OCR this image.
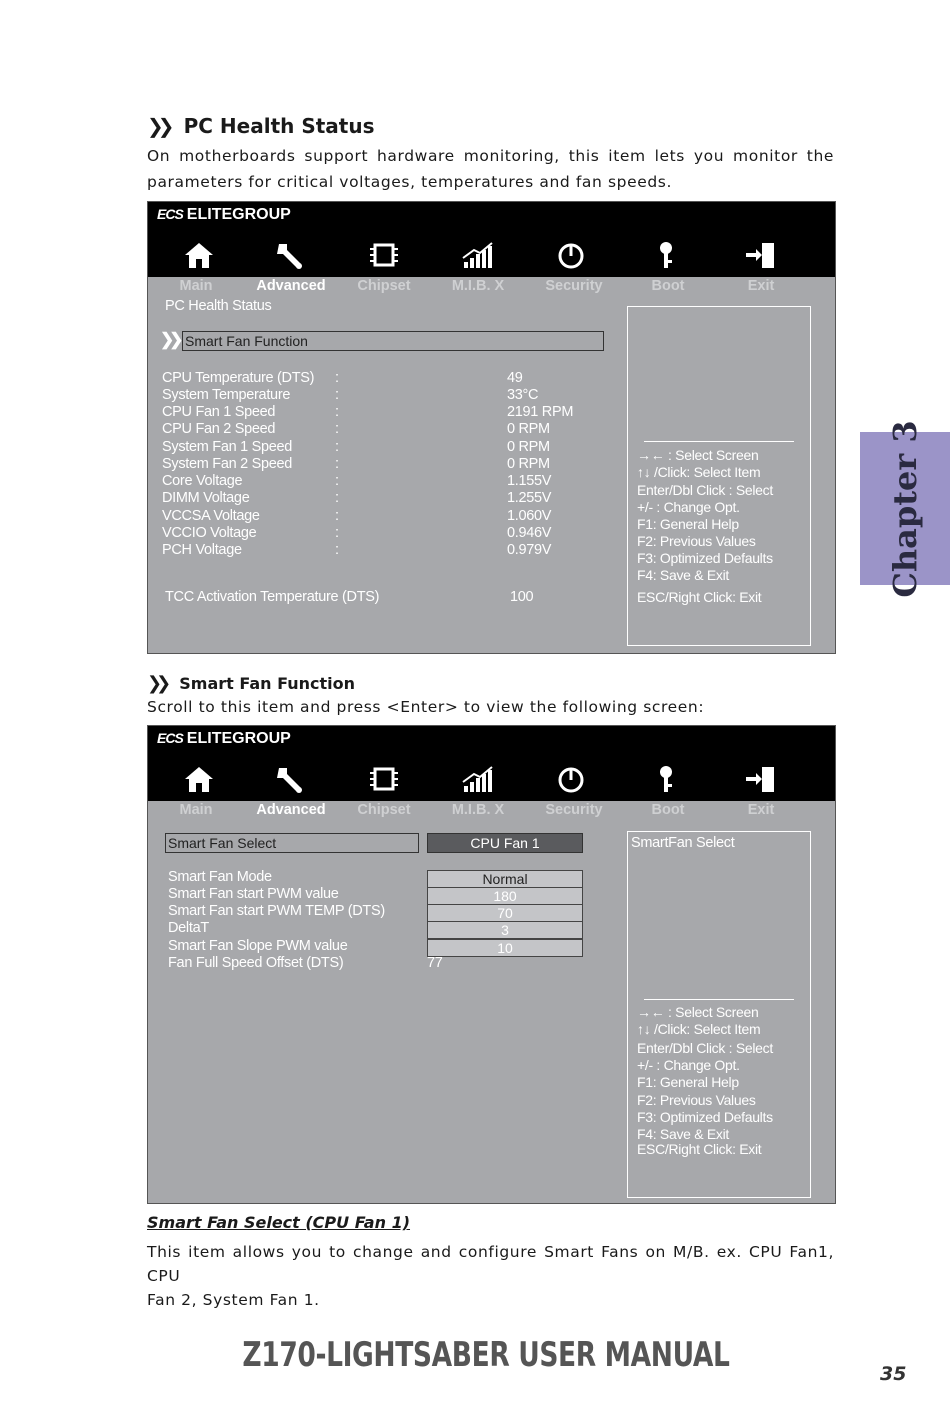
❯❯ PC Health Status
On motherboards support hardware monitoring, this item lets you monitor the
parameters for critical voltages, temperatures and fan speeds.
ECS ELITEGROUP
Main	Advanced	Chipset	M.I.B. X	Security	Boot	Exit
PC Health Status
❯❯ Smart Fan Function
CPU Temperature (DTS) :	49
System Temperature	:	33°C
CPU Fan 1 Speed	:	2191 RPM
CPU Fan 2 Speed	:	0 RPM
System Fan 1 Speed	:	0 RPM
System Fan 2 Speed	:	0 RPM
Core Voltage	:	1.155V
DIMM Voltage	:	1.255V
VCCSA Voltage	:	1.060V
VCCIO Voltage	:	0.946V
PCH Voltage	:	0.979V
TCC Activation Temperature (DTS)	100
→← : Select Screen
↑↓ /Click: Select Item
Enter/Dbl Click : Select
+/- : Change Opt.
F1: General Help
F2: Previous Values
F3: Optimized Defaults
F4: Save & Exit
ESC/Right Click: Exit
❯❯ Smart Fan Function
Scroll to this item and press <Enter> to view the following screen:
ECS ELITEGROUP
Main	Advanced	Chipset	M.I.B. X	Security	Boot	Exit
Smart Fan Select	CPU Fan 1
Smart Fan Mode	Normal
Smart Fan start PWM value	180
Smart Fan start PWM TEMP (DTS)	70
DeltaT	3
Smart Fan Slope PWM value	10
Fan Full Speed Offset (DTS)	77
SmartFan Select
→← : Select Screen
↑↓ /Click: Select Item
Enter/Dbl Click : Select
+/- : Change Opt.
F1: General Help
F2: Previous Values
F3: Optimized Defaults
F4: Save & Exit
ESC/Right Click: Exit
Smart Fan Select (CPU Fan 1)
This item allows you to change and configure Smart Fans on M/B. ex. CPU Fan1, CPU
Fan 2, System Fan 1.
Chapter 3
Z170-LIGHTSABER USER MANUAL	35
